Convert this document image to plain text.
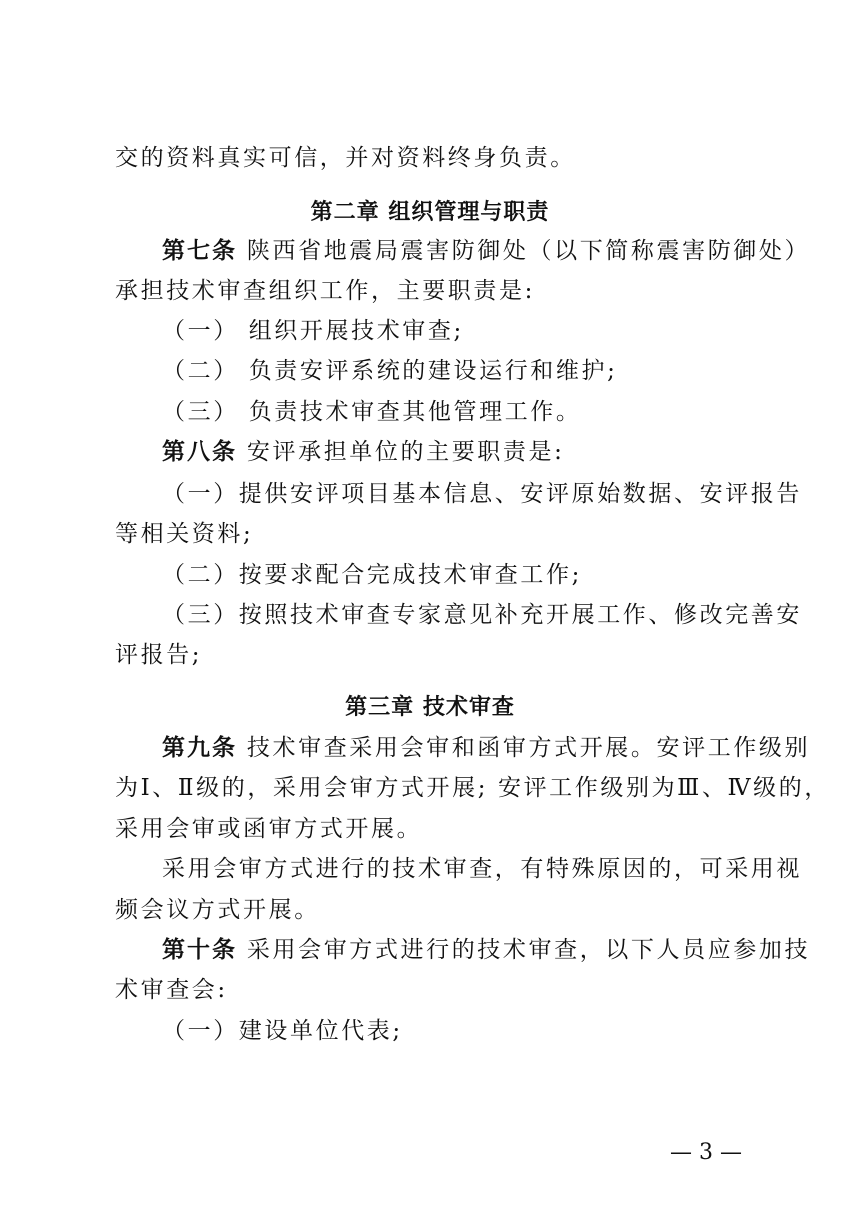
交的资料真实可信，并对资料终身负责。
第二章 组织管理与职责
第七条 陕西省地震局震害防御处（以下简称震害防御处）
承担技术审查组织工作，主要职责是:
（一） 组织开展技术审查;
（二） 负责安评系统的建设运行和维护;
（三） 负责技术审查其他管理工作。
第八条 安评承担单位的主要职责是:
（一）提供安评项目基本信息、安评原始数据、安评报告
等相关资料;
（二）按要求配合完成技术审查工作;
（三）按照技术审查专家意见补充开展工作、修改完善安
评报告;
第三章 技术审查
第九条 技术审查采用会审和函审方式开展。安评工作级别
为Ⅰ、Ⅱ级的，采用会审方式开展; 安评工作级别为Ⅲ、Ⅳ级的，
采用会审或函审方式开展。
采用会审方式进行的技术审查，有特殊原因的，可采用视
频会议方式开展。
第十条 采用会审方式进行的技术审查，以下人员应参加技
术审查会:
（一）建设单位代表;
— 3 —
